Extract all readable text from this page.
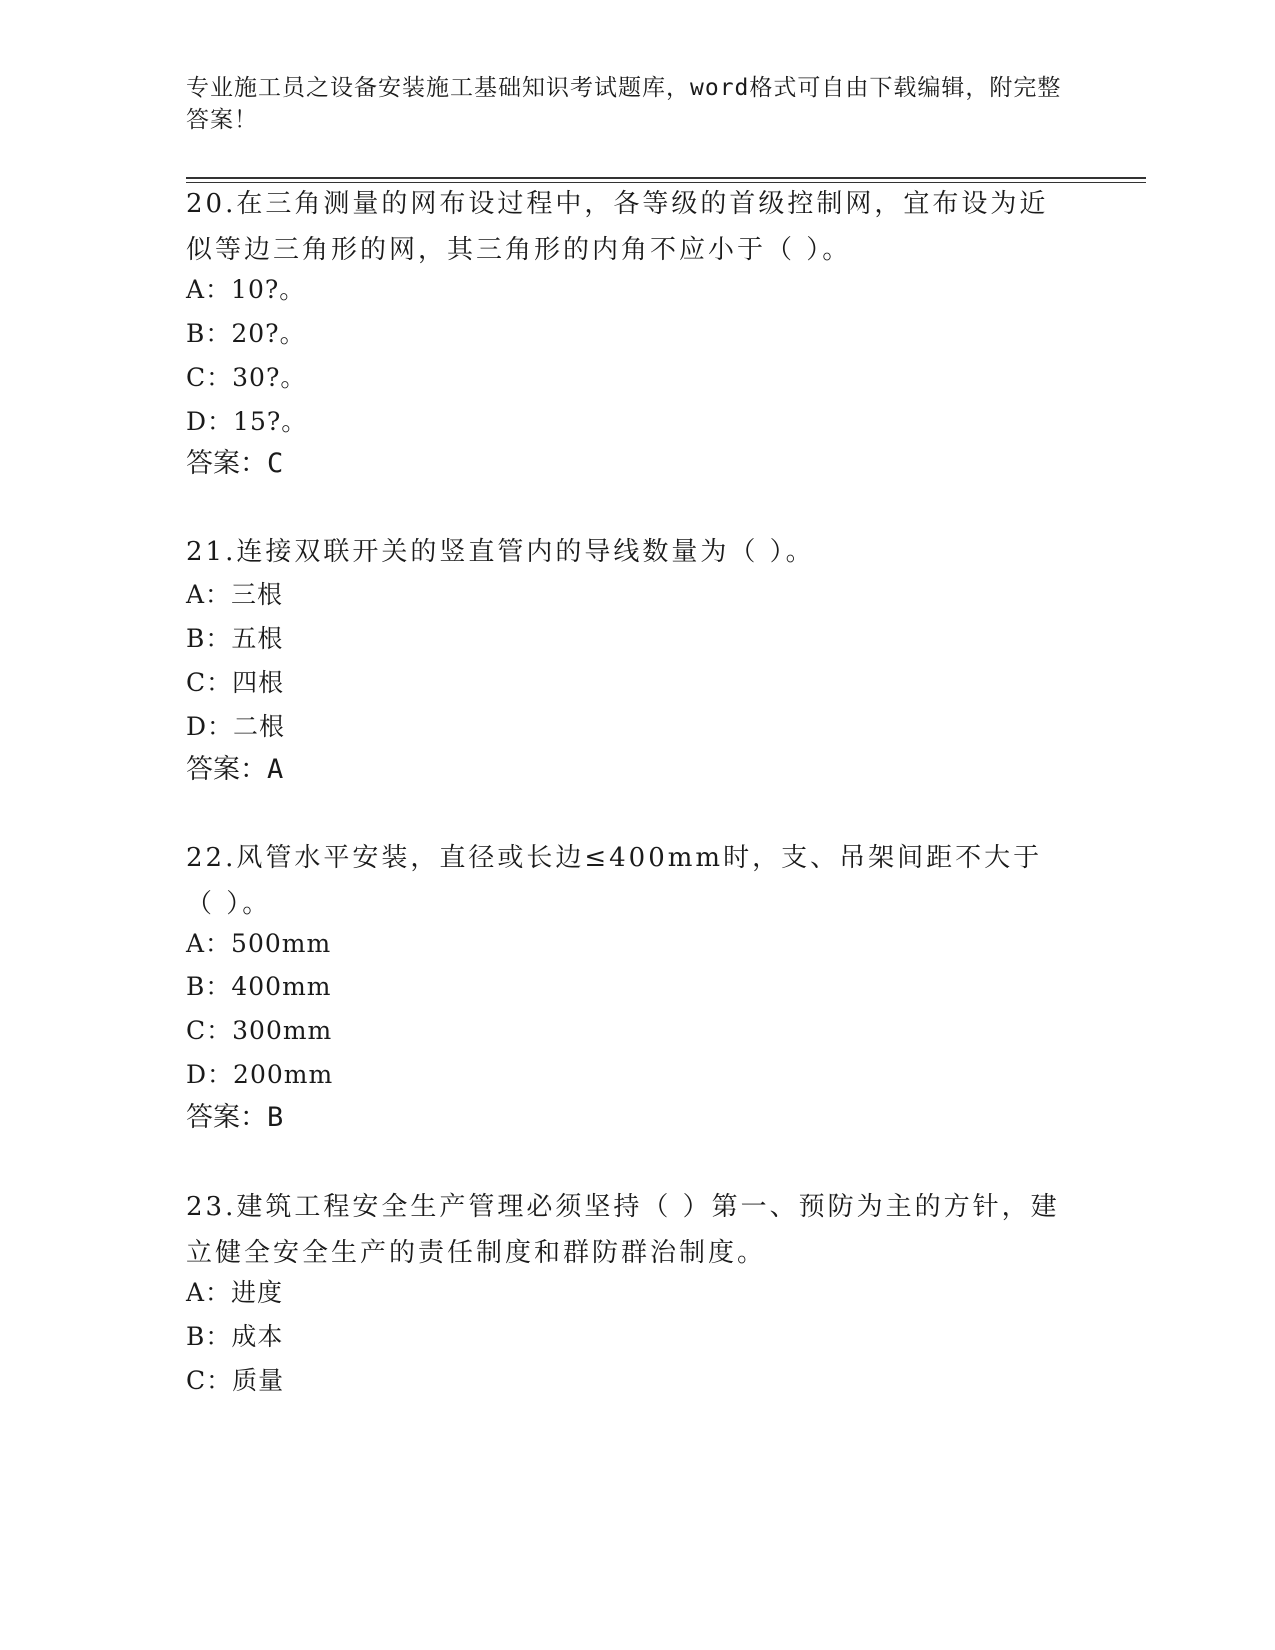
专业施工员之设备安装施工基础知识考试题库，word格式可自由下载编辑，附完整答案！
20.在三角测量的网布设过程中，各等级的首级控制网，宜布设为近似等边三角形的网，其三角形的内角不应小于（ ）。
A：10?。
B：20?。
C：30?。
D：15?。
答案：C
21.连接双联开关的竖直管内的导线数量为（ ）。
A：三根
B：五根
C：四根
D：二根
答案：A
22.风管水平安装，直径或长边≤400mm时，支、吊架间距不大于（ ）。
A：500mm
B：400mm
C：300mm
D：200mm
答案：B
23.建筑工程安全生产管理必须坚持（ ）第一、预防为主的方针，建立健全安全生产的责任制度和群防群治制度。
A：进度
B：成本
C：质量
